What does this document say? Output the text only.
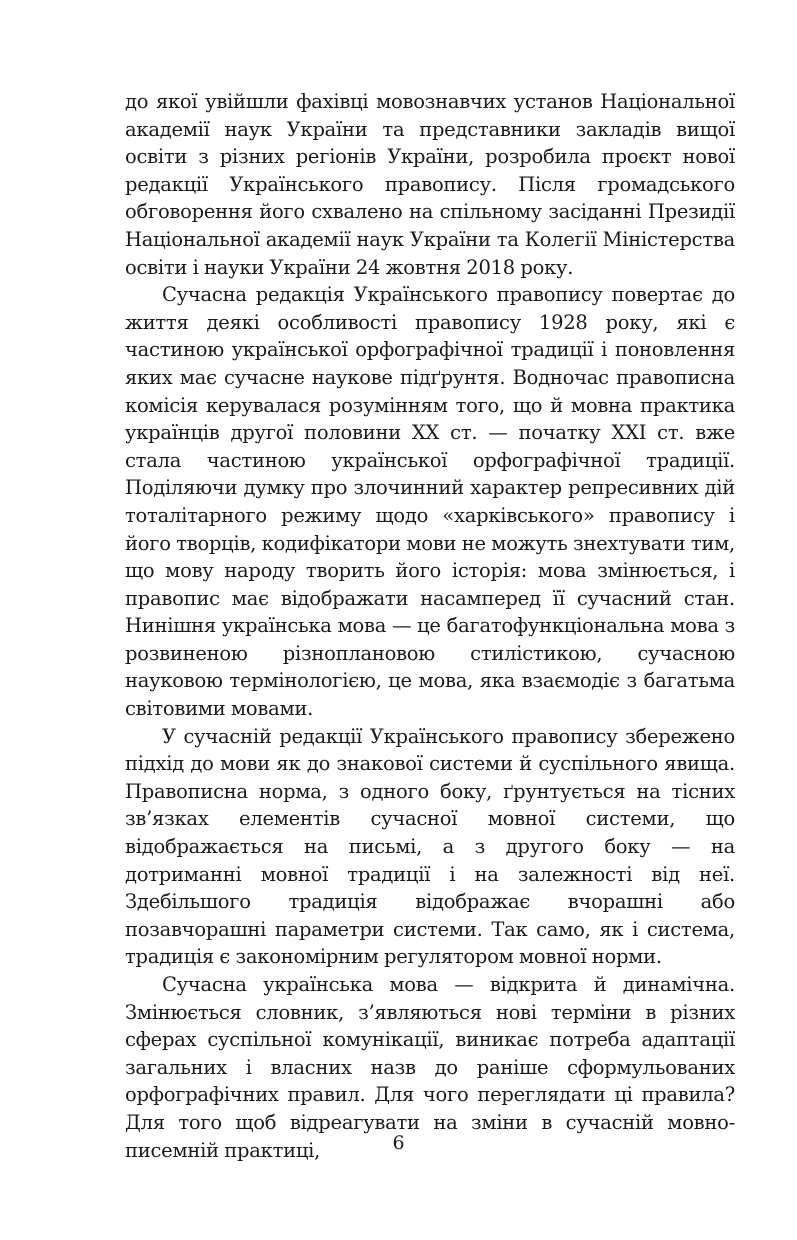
до якої увійшли фахівці мовознавчих установ Національної академії наук України та представники закладів вищої освіти з різних регіонів України, розробила проєкт нової редакції Українського правопису. Після громадського обговорення його схвалено на спільному засіданні Президії Національної академії наук України та Колегії Міністерства освіти і науки України 24 жовтня 2018 року.

Сучасна редакція Українського правопису повертає до життя деякі особливості правопису 1928 року, які є частиною української орфографічної традиції і поновлення яких має сучасне наукове підґрунтя. Водночас правописна комісія керувалася розумінням того, що й мовна практика українців другої половини ХХ ст. — початку ХХІ ст. вже стала частиною української орфографічної традиції. Поділяючи думку про злочинний характер репресивних дій тоталітарного режиму щодо «харківського» правопису і його творців, кодифікатори мови не можуть знехтувати тим, що мову народу творить його історія: мова змінюється, і правопис має відображати насамперед її сучасний стан. Нинішня українська мова — це багатофункціональна мова з розвиненою різноплановою стилістикою, сучасною науковою термінологією, це мова, яка взаємодіє з багатьма світовими мовами.

У сучасній редакції Українського правопису збережено підхід до мови як до знакової системи й суспільного явища. Правописна норма, з одного боку, ґрунтується на тісних зв’язках елементів сучасної мовної системи, що відображається на письмі, а з другого боку — на дотриманні мовної традиції і на залежності від неї. Здебільшого традиція відображає вчорашні або позавчорашні параметри системи. Так само, як і система, традиція є закономірним регулятором мовної норми.

Сучасна українська мова — відкрита й динамічна. Змінюється словник, з’являються нові терміни в різних сферах суспільної комунікації, виникає потреба адаптації загальних і власних назв до раніше сформульованих орфографічних правил. Для чого переглядати ці правила? Для того щоб відреагувати на зміни в сучасній мовно-писемній практиці,	6
